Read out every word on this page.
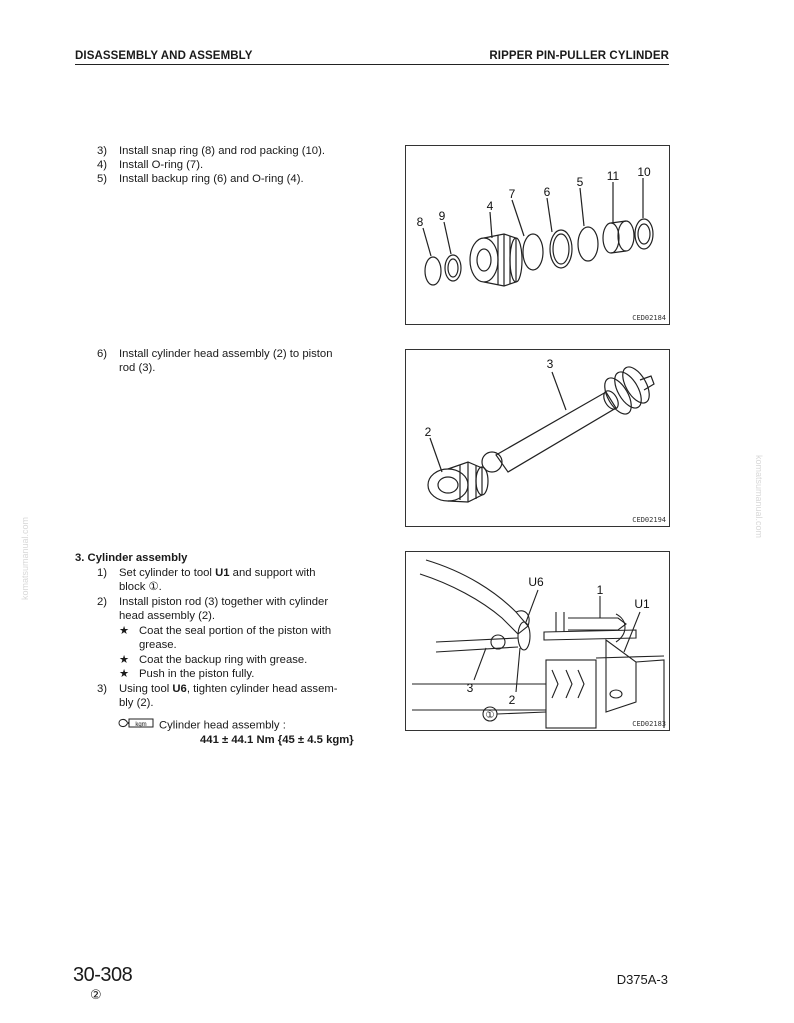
DISASSEMBLY AND ASSEMBLY	RIPPER PIN-PULLER CYLINDER
komatsumanual.com
komatsumanual.com
3) Install snap ring (8) and rod packing (10).
4) Install O-ring (7).
5) Install backup ring (6) and O-ring (4).
8 9
4
7 6
5 11 10
CED02184
6) Install cylinder head assembly (2) to piston
rod (3).	3
2
CED02194
3. Cylinder assembly
1) Set cylinder to tool U1 and support with
block ①.
2) Install piston rod (3) together with cylinder
head assembly (2).
★ Coat the seal portion of the piston with
grease.
★ Coat the backup ring with grease.
★ Push in the piston fully.
3) Using tool U6, tighten cylinder head assem-
bly (2).
kgm Cylinder head assembly :
441 ± 44.1 Nm {45 ± 4.5 kgm}
U6
1
U1
3
2
①
CED02183
30-308
②
D375A-3
